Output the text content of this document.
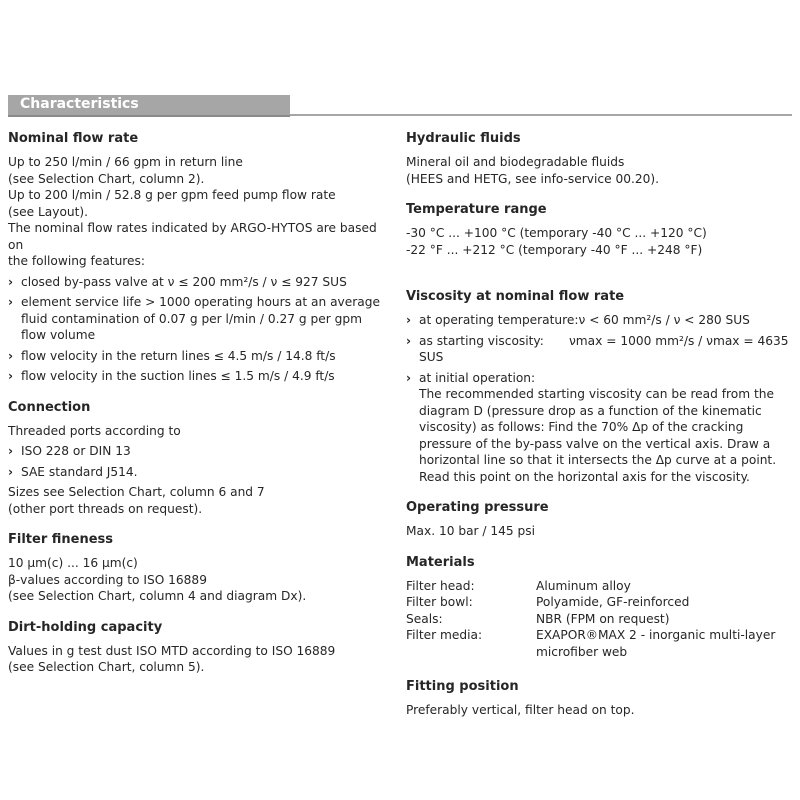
Characteristics
Nominal flow rate

Up to 250 l/min / 66 gpm in return line

(see Selection Chart, column 2).

Up to 200 l/min / 52.8 g per gpm feed pump flow rate

(see Layout).

The nominal flow rates indicated by ARGO-HYTOS are based on

the following features:

› closed by-pass valve at ν ≤ 200 mm²/s / ν ≤ 927 SUS
› element service life > 1000 operating hours at an average fluid contamination of 0.07 g per l/min / 0.27 g per gpm flow volume
› flow velocity in the return lines ≤ 4.5 m/s / 14.8 ft/s
› flow velocity in the suction lines ≤ 1.5 m/s / 4.9 ft/s
Connection

Threaded ports according to

› ISO 228 or DIN 13
› SAE standard J514.

Sizes see Selection Chart, column 6 and 7

(other port threads on request).

Filter fineness

10 µm(c) ... 16 µm(c)

β-values according to ISO 16889

(see Selection Chart, column 4 and diagram Dx).

Dirt-holding capacity

Values in g test dust ISO MTD according to ISO 16889

(see Selection Chart, column 5).

Hydraulic fluids

Mineral oil and biodegradable fluids

(HEES and HETG, see info-service 00.20).

Temperature range

-30 °C ... +100 °C (temporary -40 °C ... +120 °C)

-22 °F ... +212 °C (temporary -40 °F ... +248 °F)

Viscosity at nominal flow rate
› at operating temperature:ν < 60 mm²/s / ν < 280 SUS
› as starting viscosity: νmax = 1000 mm²/s / νmax = 4635 SUS
› at initial operation:
The recommended starting viscosity can be read from the diagram D (pressure drop as a function of the kinematic viscosity) as follows: Find the 70% Δp of the cracking pressure of the by-pass valve on the vertical axis. Draw a horizontal line so that it intersects the Δp curve at a point. Read this point on the horizontal axis for the viscosity.
Operating pressure

Max. 10 bar / 145 psi

Materials
Filter head:	Aluminum alloy
Filter bowl:	Polyamide, GF-reinforced
Seals:	NBR (FPM on request)
Filter media:	EXAPOR®MAX 2 - inorganic multi-layer microfiber web
Fitting position

Preferably vertical, filter head on top.
